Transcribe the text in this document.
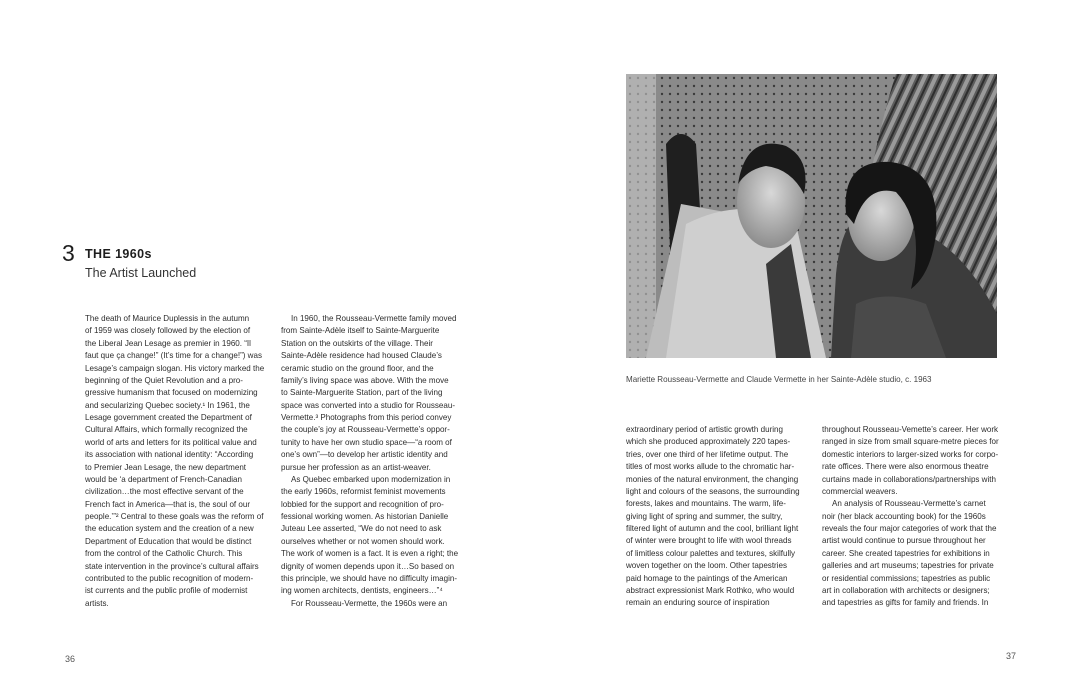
3 THE 1960s
The Artist Launched
The death of Maurice Duplessis in the autumn
of 1959 was closely followed by the election of
the Liberal Jean Lesage as premier in 1960. “Il
faut que ça change!” (It’s time for a change!”) was
Lesage’s campaign slogan. His victory marked the
beginning of the Quiet Revolution and a pro-
gressive humanism that focused on modernizing
and secularizing Quebec society.¹ In 1961, the
Lesage government created the Department of
Cultural Affairs, which formally recognized the
world of arts and letters for its political value and
its association with national identity: “According
to Premier Jean Lesage, the new department
would be ‘a department of French-Canadian
civilization…the most effective servant of the
French fact in America—that is, the soul of our
people.’”² Central to these goals was the reform of
the education system and the creation of a new
Department of Education that would be distinct
from the control of the Catholic Church. This
state intervention in the province’s cultural affairs
contributed to the public recognition of modern-
ist currents and the public profile of modernist
artists.
In 1960, the Rousseau-Vermette family moved
from Sainte-Adèle itself to Sainte-Marguerite
Station on the outskirts of the village. Their
Sainte-Adèle residence had housed Claude’s
ceramic studio on the ground floor, and the
family’s living space was above. With the move
to Sainte-Marguerite Station, part of the living
space was converted into a studio for Rousseau-
Vermette.³ Photographs from this period convey
the couple’s joy at Rousseau-Vermette’s oppor-
tunity to have her own studio space—“a room of
one’s own”—to develop her artistic identity and
pursue her profession as an artist-weaver.
As Quebec embarked upon modernization in
the early 1960s, reformist feminist movements
lobbied for the support and recognition of pro-
fessional working women. As historian Danielle
Juteau Lee asserted, “We do not need to ask
ourselves whether or not women should work.
The work of women is a fact. It is even a right; the
dignity of women depends upon it…So based on
this principle, we should have no difficulty imagin-
ing women architects, dentists, engineers…”⁴
For Rousseau-Vermette, the 1960s were an
Mariette Rousseau-Vermette and Claude Vermette in her Sainte-Adèle studio, c. 1963
extraordinary period of artistic growth during
which she produced approximately 220 tapes-
tries, over one third of her lifetime output. The
titles of most works allude to the chromatic har-
monies of the natural environment, the changing
light and colours of the seasons, the surrounding
forests, lakes and mountains. The warm, life-
giving light of spring and summer, the sultry,
filtered light of autumn and the cool, brilliant light
of winter were brought to life with wool threads
of limitless colour palettes and textures, skilfully
woven together on the loom. Other tapestries
paid homage to the paintings of the American
abstract expressionist Mark Rothko, who would
remain an enduring source of inspiration
throughout Rousseau-Vemette’s career. Her work
ranged in size from small square-metre pieces for
domestic interiors to larger-sized works for corpo-
rate offices. There were also enormous theatre
curtains made in collaborations/partnerships with
commercial weavers.
An analysis of Rousseau-Vermette’s carnet
noir (her black accounting book) for the 1960s
reveals the four major categories of work that the
artist would continue to pursue throughout her
career. She created tapestries for exhibitions in
galleries and art museums; tapestries for private
or residential commissions; tapestries as public
art in collaboration with architects or designers;
and tapestries as gifts for family and friends. In
36	37
